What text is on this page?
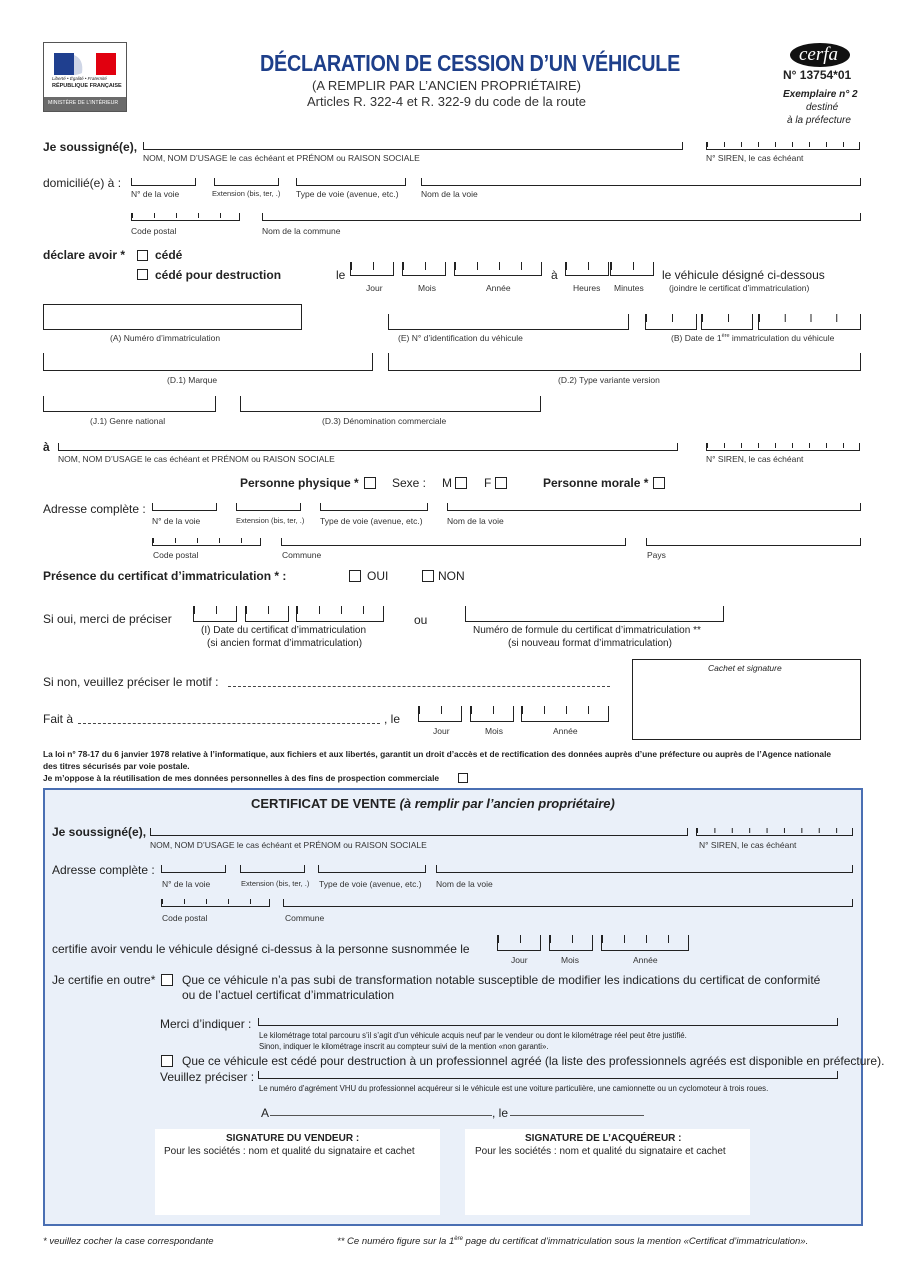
Liberté • Égalité • Fraternité
RÉPUBLIQUE FRANÇAISE
MINISTÈRE DE L'INTÉRIEUR
DÉCLARATION DE CESSION D’UN VÉHICULE
(A REMPLIR PAR L’ANCIEN PROPRIÉTAIRE)
Articles R. 322-4 et R. 322-9 du code de la route
cerfa
N° 13754*01
Exemplaire n° 2
destiné
à la préfecture
Je soussigné(e),
NOM, NOM D’USAGE le cas échéant et PRÉNOM ou RAISON SOCIALE	N° SIREN, le cas échéant
domicilié(e) à :
N° de la voie	Extension (bis, ter, .) Type de voie (avenue, etc.)	Nom de la voie
Code postal	Nom de la commune
déclare avoir * cédé
cédé pour destruction	le
Jour	Mois	Année
à
Heures Minutes
le véhicule désigné ci-dessous
(joindre le certificat d’immatriculation)
(A) Numéro d’immatriculation	(E) N° d’identification du véhicule	(B) Date de 1ère immatriculation du véhicule
(D.1) Marque	(D.2) Type variante version
(J.1) Genre national	(D.3) Dénomination commerciale
à
NOM, NOM D’USAGE le cas échéant et PRÉNOM ou RAISON SOCIALE	N° SIREN, le cas échéant
Personne physique *	Sexe : M	F	Personne morale *
Adresse complète :
N° de la voie	Extension (bis, ter, .) Type de voie (avenue, etc.)	Nom de la voie
Code postal	Commune	Pays
Présence du certificat d’immatriculation * :	OUI	NON
Si oui, merci de préciser
(I) Date du certificat d’immatriculation
(si ancien format d’immatriculation)
ou
Numéro de formule du certificat d’immatriculation **
(si nouveau format d’immatriculation)
Si non, veuillez préciser le motif :
Fait à	, le
Jour	Mois	Année
Cachet et signature
La loi n° 78-17 du 6 janvier 1978 relative à l’informatique, aux fichiers et aux libertés, garantit un droit d’accès et de rectification des données auprès d’une préfecture ou auprès de l’Agence nationale
des titres sécurisés par voie postale.
Je m’oppose à la réutilisation de mes données personnelles à des fins de prospection commerciale
CERTIFICAT DE VENTE (à remplir par l’ancien propriétaire)
Je soussigné(e),
NOM, NOM D’USAGE le cas échéant et PRÉNOM ou RAISON SOCIALE	N° SIREN, le cas échéant
Adresse complète :
N° de la voie	Extension (bis, ter, .) Type de voie (avenue, etc.) Nom de la voie
Code postal	Commune
certifie avoir vendu le véhicule désigné ci-dessus à la personne susnommée le
Jour	Mois	Année
Je certifie en outre* Que ce véhicule n’a pas subi de transformation notable susceptible de modifier les indications du certificat de conformité
ou de l’actuel certificat d’immatriculation
Merci d’indiquer :
Le kilométrage total parcouru s’il s’agit d’un véhicule acquis neuf par le vendeur ou dont le kilométrage réel peut être justifié.
Sinon, indiquer le kilométrage inscrit au compteur suivi de la mention «non garanti».
Que ce véhicule est cédé pour destruction à un professionnel agréé (la liste des professionnels agréés est disponible en préfecture).
Veuillez préciser :
Le numéro d’agrément VHU du professionnel acquéreur si le véhicule est une voiture particulière, une camionnette ou un cyclomoteur à trois roues.
A	, le
SIGNATURE DU VENDEUR :
Pour les sociétés : nom et qualité du signataire et cachet
SIGNATURE DE L’ACQUÉREUR :
Pour les sociétés : nom et qualité du signataire et cachet
* veuillez cocher la case correspondante	** Ce numéro figure sur la 1ère page du certificat d’immatriculation sous la mention «Certificat d’immatriculation».
